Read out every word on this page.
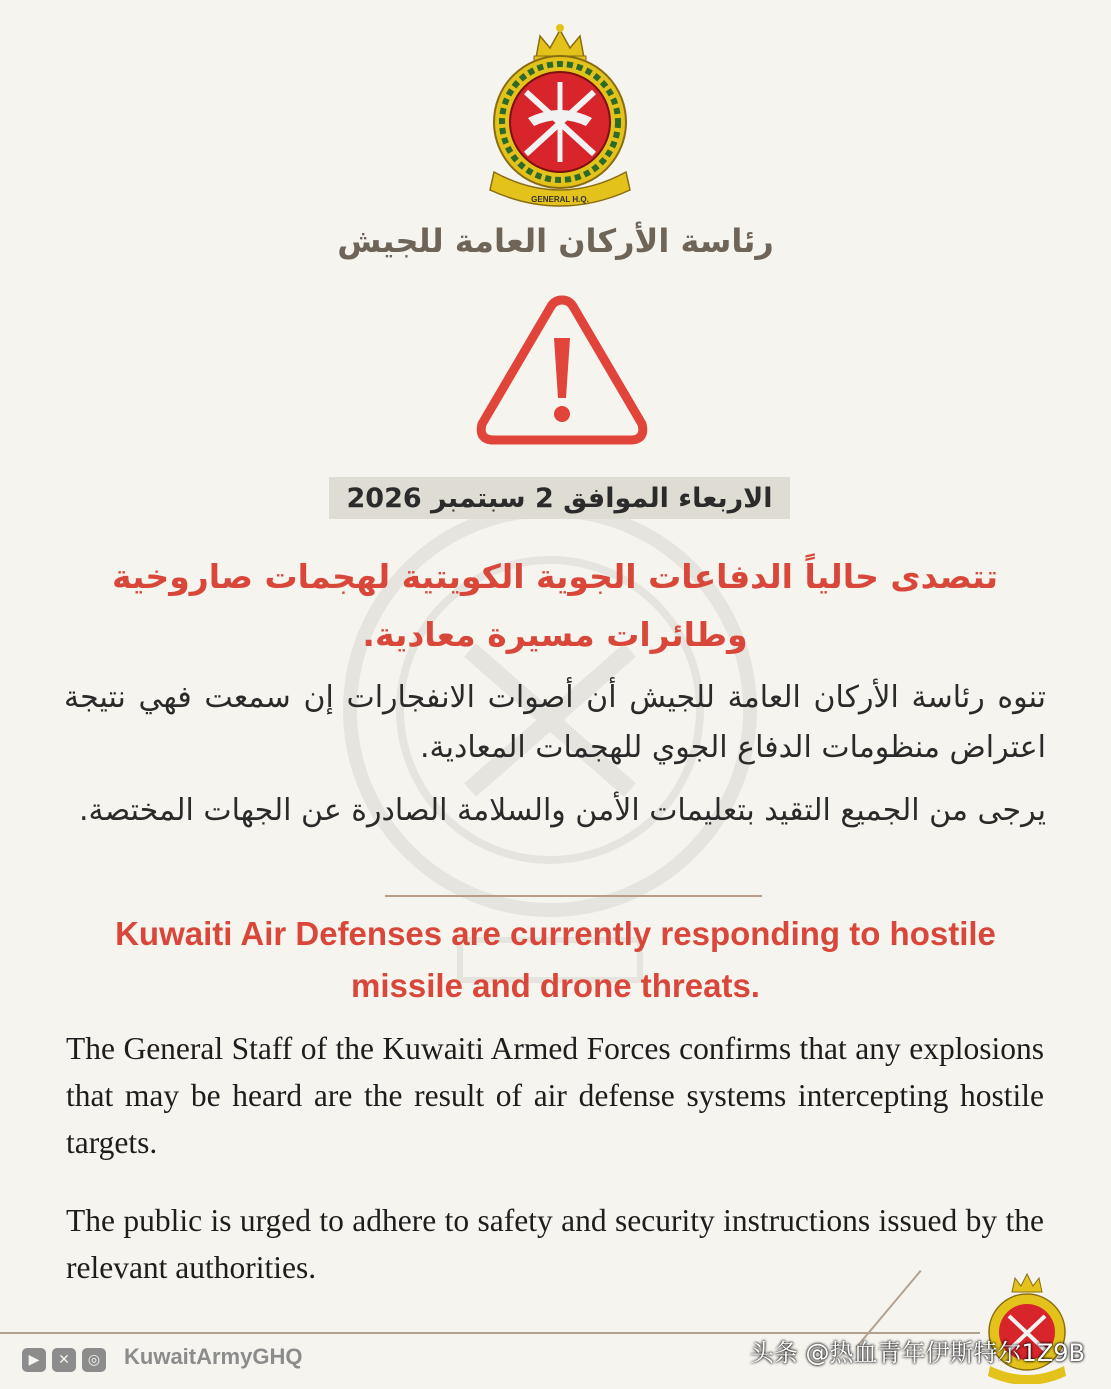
GENERAL H.Q.
رئاسة الأركان العامة للجيش
الاربعاء الموافق 2 سبتمبر 2026
تتصدى حالياً الدفاعات الجوية الكويتية لهجمات صاروخية وطائرات مسيرة معادية.
تنوه رئاسة الأركان العامة للجيش أن أصوات الانفجارات إن سمعت فهي نتيجة اعتراض منظومات الدفاع الجوي للهجمات المعادية.
يرجى من الجميع التقيد بتعليمات الأمن والسلامة الصادرة عن الجهات المختصة.
Kuwaiti Air Defenses are currently responding to hostile missile and drone threats.
The General Staff of the Kuwaiti Armed Forces confirms that any explosions that may be heard are the result of air defense systems intercepting hostile targets.
The public is urged to adhere to safety and security instructions issued by the relevant authorities.
▶	✕	◎ KuwaitArmyGHQ	头条 @热血青年伊斯特尔1Z9B
